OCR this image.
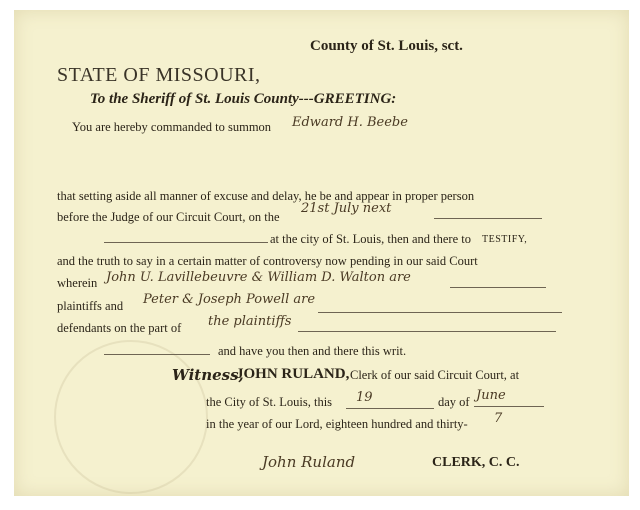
County of St. Louis, sct.
STATE OF MISSOURI,
To the Sheriff of St. Louis County---GREETING:
You are hereby commanded to summon Edward H. Beebe
that setting aside all manner of excuse and delay, he be and appear in proper person
before the Judge of our Circuit Court, on the
21st July next
at the city of St. Louis, then and there to TESTIFY,
and the truth to say in a certain matter of controversy now pending in our said Court
wherein John U. Lavillebeuvre & William D. Walton are
plaintiffs and Peter & Joseph Powell are
defendants on the part of the plaintiffs
and have you then and there this writ.
Witness,
JOHN RULAND, Clerk of our said Circuit Court, at
the City of St. Louis, this 19	day of June
in the year of our Lord, eighteen hundred and thirty- 7
John Ruland	CLERK, C. C.
